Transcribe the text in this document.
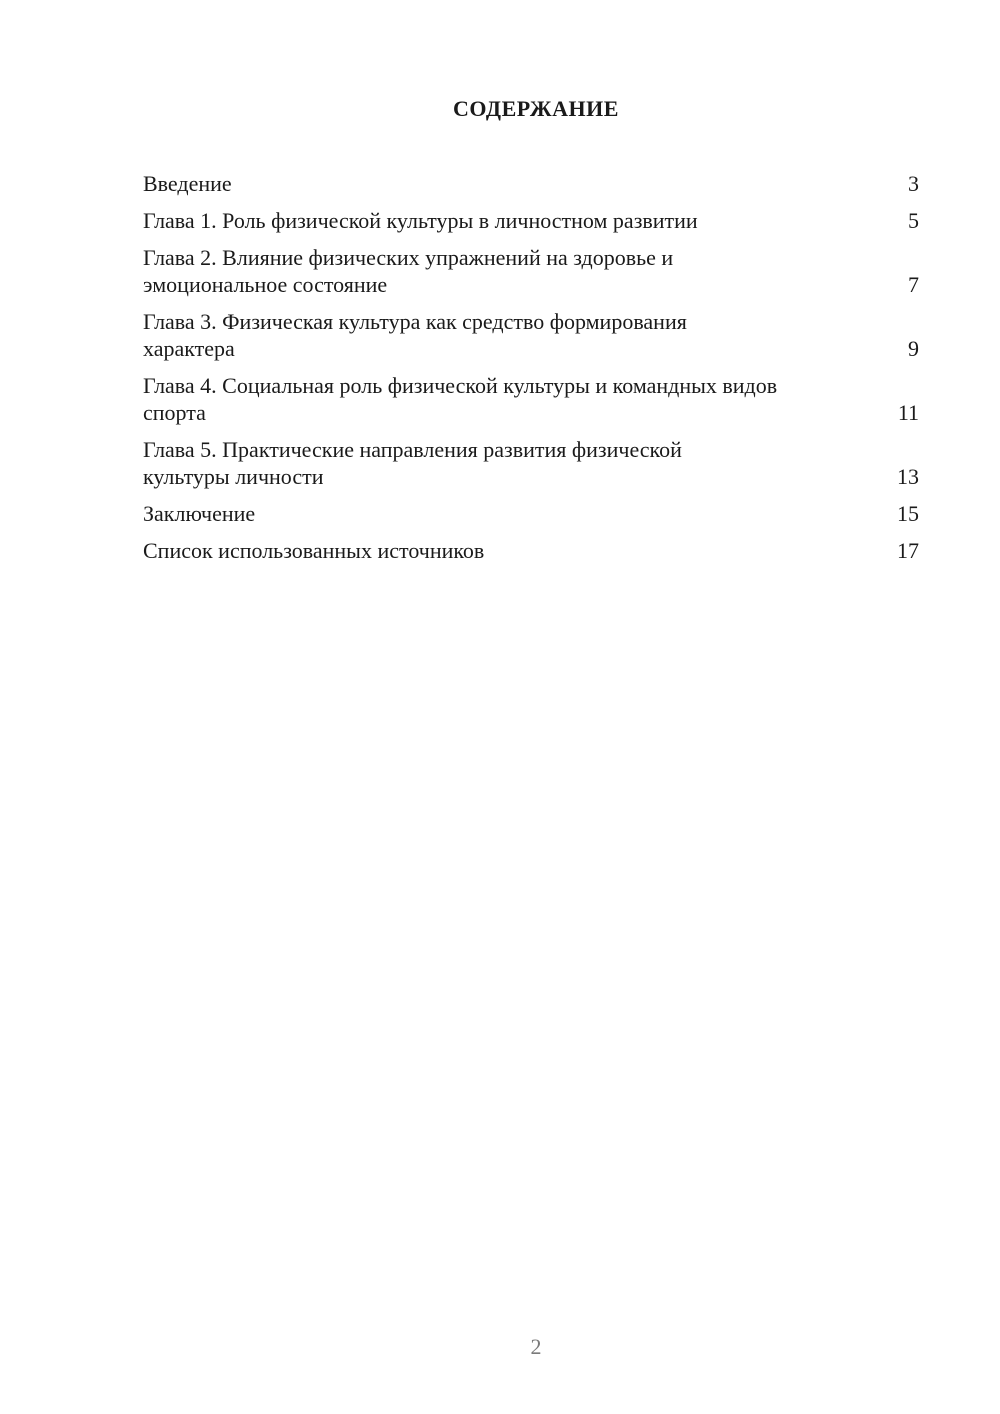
СОДЕРЖАНИЕ
Введение	3
Глава 1. Роль физической культуры в личностном развитии	5
Глава 2. Влияние физических упражнений на здоровье и эмоциональное состояние	7
Глава 3. Физическая культура как средство формирования характера	9
Глава 4. Социальная роль физической культуры и командных видов спорта	11
Глава 5. Практические направления развития физической культуры личности	13
Заключение	15
Список использованных источников	17
2
